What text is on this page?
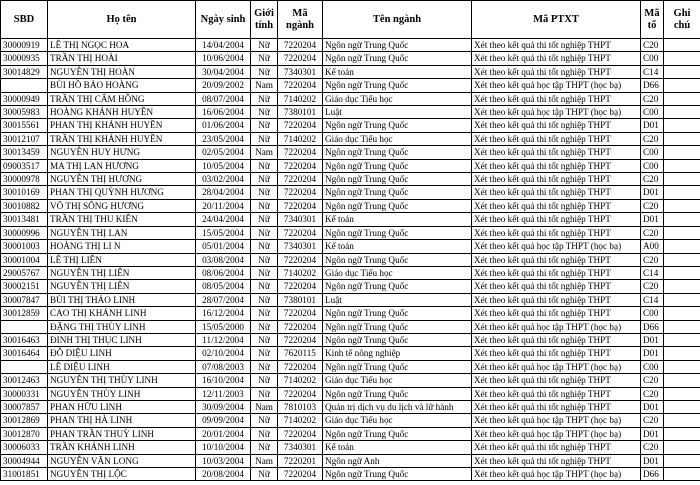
SBD	Họ tên	Ngày sinh	Giới tính	Mã ngành	Tên ngành	Mã PTXT	Mã tổ	Ghi chú
30000919	LÊ THỊ NGỌC HOA	14/04/2004	Nữ	7220204	Ngôn ngữ Trung Quốc	Xét theo kết quả thi tốt nghiệp THPT	C20	
30000935	TRẦN THỊ HOÀI	10/06/2004	Nữ	7220204	Ngôn ngữ Trung Quốc	Xét theo kết quả thi tốt nghiệp THPT	C00	
30014829	NGUYỄN THỊ HOÀN	30/04/2004	Nữ	7340301	Kế toán	Xét theo kết quả thi tốt nghiệp THPT	C14	
	BÙI HỒ BẢO HOÀNG	20/09/2002	Nam	7220204	Ngôn ngữ Trung Quốc	Xét theo kết quả học tập THPT (học bạ)	D66	
30000949	TRẦN THỊ CẨM HỒNG	08/07/2004	Nữ	7140202	Giáo dục Tiểu học	Xét theo kết quả thi tốt nghiệp THPT	C20	
30005983	HOÀNG KHÁNH HUYỀN	16/06/2004	Nữ	7380101	Luật	Xét theo kết quả học tập THPT (học bạ)	C00	
30015561	PHAN THỊ KHÁNH HUYỀN	01/06/2004	Nữ	7220204	Ngôn ngữ Trung Quốc	Xét theo kết quả thi tốt nghiệp THPT	D01	
30012107	TRẦN THỊ KHÁNH HUYỀN	23/05/2004	Nữ	7140202	Giáo dục Tiểu học	Xét theo kết quả thi tốt nghiệp THPT	C20	
30013459	NGUYỄN HUY HƯNG	02/05/2004	Nam	7220204	Ngôn ngữ Trung Quốc	Xét theo kết quả thi tốt nghiệp THPT	C00	
09003517	MA THỊ LAN HƯƠNG	10/05/2004	Nữ	7220204	Ngôn ngữ Trung Quốc	Xét theo kết quả thi tốt nghiệp THPT	C00	
30000978	NGUYỄN THỊ HƯƠNG	03/02/2004	Nữ	7220204	Ngôn ngữ Trung Quốc	Xét theo kết quả thi tốt nghiệp THPT	C20	
30010169	PHAN THỊ QUỲNH HƯƠNG	28/04/2004	Nữ	7220204	Ngôn ngữ Trung Quốc	Xét theo kết quả thi tốt nghiệp THPT	D01	
30010882	VÕ THỊ SÔNG HƯƠNG	20/11/2004	Nữ	7220204	Ngôn ngữ Trung Quốc	Xét theo kết quả thi tốt nghiệp THPT	C20	
30013481	TRẦN THỊ THU KIÊN	24/04/2004	Nữ	7340301	Kế toán	Xét theo kết quả thi tốt nghiệp THPT	D01	
30000996	NGUYỄN THỊ LAN	15/05/2004	Nữ	7220204	Ngôn ngữ Trung Quốc	Xét theo kết quả thi tốt nghiệp THPT	C20	
30001003	HOÀNG THỊ LI N	05/01/2004	Nữ	7340301	Kế toán	Xét theo kết quả học tập THPT (học bạ)	A00	
30001004	LÊ THỊ LIÊN	03/08/2004	Nữ	7220204	Ngôn ngữ Trung Quốc	Xét theo kết quả thi tốt nghiệp THPT	C20	
29005767	NGUYỄN THỊ LIÊN	08/06/2004	Nữ	7140202	Giáo dục Tiểu học	Xét theo kết quả thi tốt nghiệp THPT	C14	
30002151	NGUYỄN THỊ LIÊN	08/05/2004	Nữ	7220204	Ngôn ngữ Trung Quốc	Xét theo kết quả thi tốt nghiệp THPT	C20	
30007847	BÙI THỊ THẢO LINH	28/07/2004	Nữ	7380101	Luật	Xét theo kết quả thi tốt nghiệp THPT	C14	
30012859	CAO THỊ KHÁNH LINH	16/12/2004	Nữ	7220204	Ngôn ngữ Trung Quốc	Xét theo kết quả thi tốt nghiệp THPT	C00	
	ĐẶNG THỊ THÙY LINH	15/05/2000	Nữ	7220204	Ngôn ngữ Trung Quốc	Xét theo kết quả học tập THPT (học bạ)	D66	
30016463	ĐINH THỊ THỤC LINH	11/12/2004	Nữ	7220204	Ngôn ngữ Trung Quốc	Xét theo kết quả thi tốt nghiệp THPT	D01	
30016464	ĐỖ DIỆU LINH	02/10/2004	Nữ	7620115	Kinh tế nông nghiệp	Xét theo kết quả thi tốt nghiệp THPT	D01	
	LÊ DIỆU LINH	07/08/2003	Nữ	7220204	Ngôn ngữ Trung Quốc	Xét theo kết quả học tập THPT (học bạ)	C00	
30012463	NGUYỄN THỊ THÙY LINH	16/10/2004	Nữ	7140202	Giáo dục Tiểu học	Xét theo kết quả thi tốt nghiệp THPT	C20	
30000331	NGUYỄN THÙY LINH	12/11/2003	Nữ	7220204	Ngôn ngữ Trung Quốc	Xét theo kết quả thi tốt nghiệp THPT	C20	
30007857	PHAN HỮU LINH	30/09/2004	Nam	7810103	Quản trị dịch vụ du lịch và lữ hành	Xét theo kết quả thi tốt nghiệp THPT	D01	
30012869	PHAN THỊ HÀ LINH	09/09/2004	Nữ	7140202	Giáo dục Tiểu học	Xét theo kết quả học tập THPT (học bạ)	C20	
30012870	PHAN TRẦN THUỲ LINH	20/01/2004	Nữ	7220204	Ngôn ngữ Trung Quốc	Xét theo kết quả học tập THPT (học bạ)	D01	
30006033	TRẦN KHÁNH LINH	10/10/2004	Nữ	7340301	Kế toán	Xét theo kết quả thi tốt nghiệp THPT	C20	
30004944	NGUYỄN VĂN LONG	10/03/2004	Nam	7220201	Ngôn ngữ Anh	Xét theo kết quả thi tốt nghiệp THPT	D01	
31001851	NGUYỄN THỊ LỘC	20/08/2004	Nữ	7220204	Ngôn ngữ Trung Quốc	Xét theo kết quả học tập THPT (học bạ)	D66	
